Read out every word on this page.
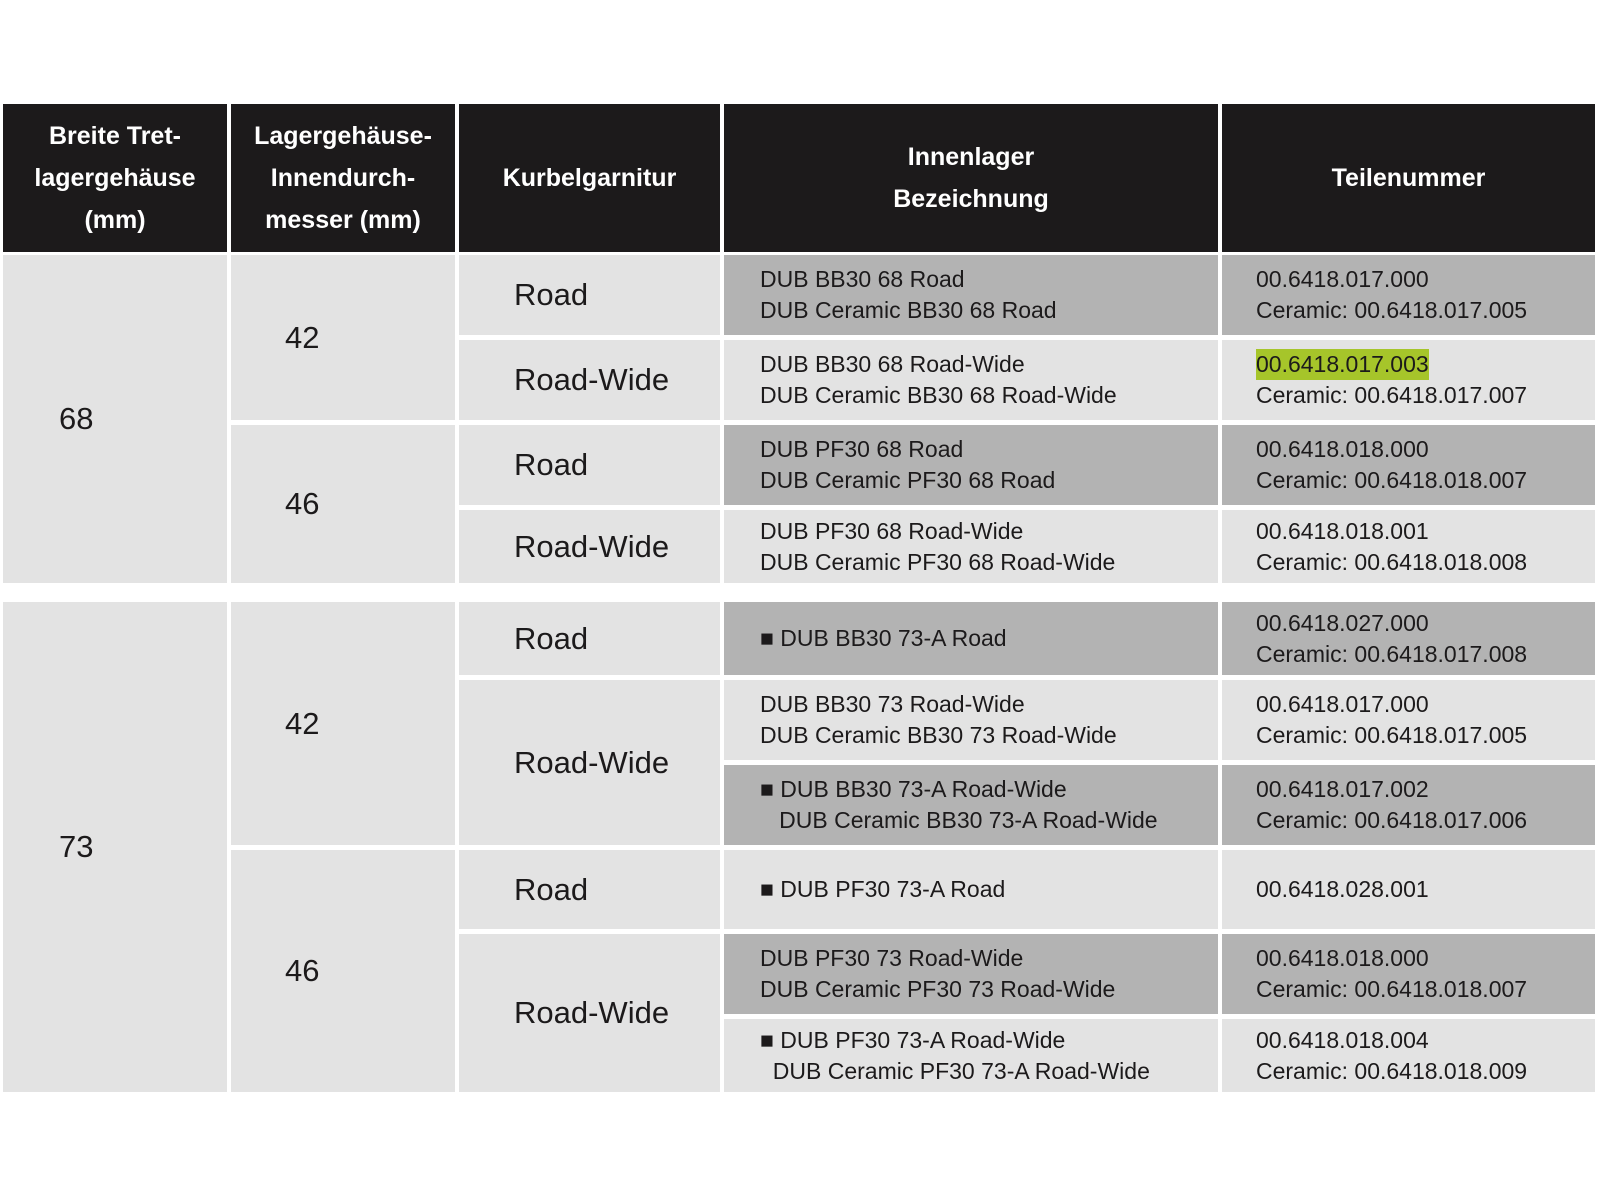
Breite Tret-
lagergehäuse
(mm)
Lagergehäuse-
Innendurch-
messer (mm)
Kurbelgarnitur
Innenlager
Bezeichnung
Teilenummer
68
73
42
46
42
46
Road
Road-Wide
Road
Road-Wide
Road
Road-Wide
Road
Road-Wide
DUB BB30 68 Road
DUB Ceramic BB30 68 Road
00.6418.017.000
Ceramic: 00.6418.017.005
DUB BB30 68 Road-Wide
DUB Ceramic BB30 68 Road-Wide
00.6418.017.003
Ceramic: 00.6418.017.007
DUB PF30 68 Road
DUB Ceramic PF30 68 Road
00.6418.018.000
Ceramic: 00.6418.018.007
DUB PF30 68 Road-Wide
DUB Ceramic PF30 68 Road-Wide
00.6418.018.001
Ceramic: 00.6418.018.008
■ DUB BB30 73-A Road
00.6418.027.000
Ceramic: 00.6418.017.008
DUB BB30 73 Road-Wide
DUB Ceramic BB30 73 Road-Wide
00.6418.017.000
Ceramic: 00.6418.017.005
■ DUB BB30 73-A Road-Wide
DUB Ceramic BB30 73-A Road-Wide
00.6418.017.002
Ceramic: 00.6418.017.006
■ DUB PF30 73-A Road	00.6418.028.001
DUB PF30 73 Road-Wide
DUB Ceramic PF30 73 Road-Wide
00.6418.018.000
Ceramic: 00.6418.018.007
■ DUB PF30 73-A Road-Wide
DUB Ceramic PF30 73-A Road-Wide
00.6418.018.004
Ceramic: 00.6418.018.009
